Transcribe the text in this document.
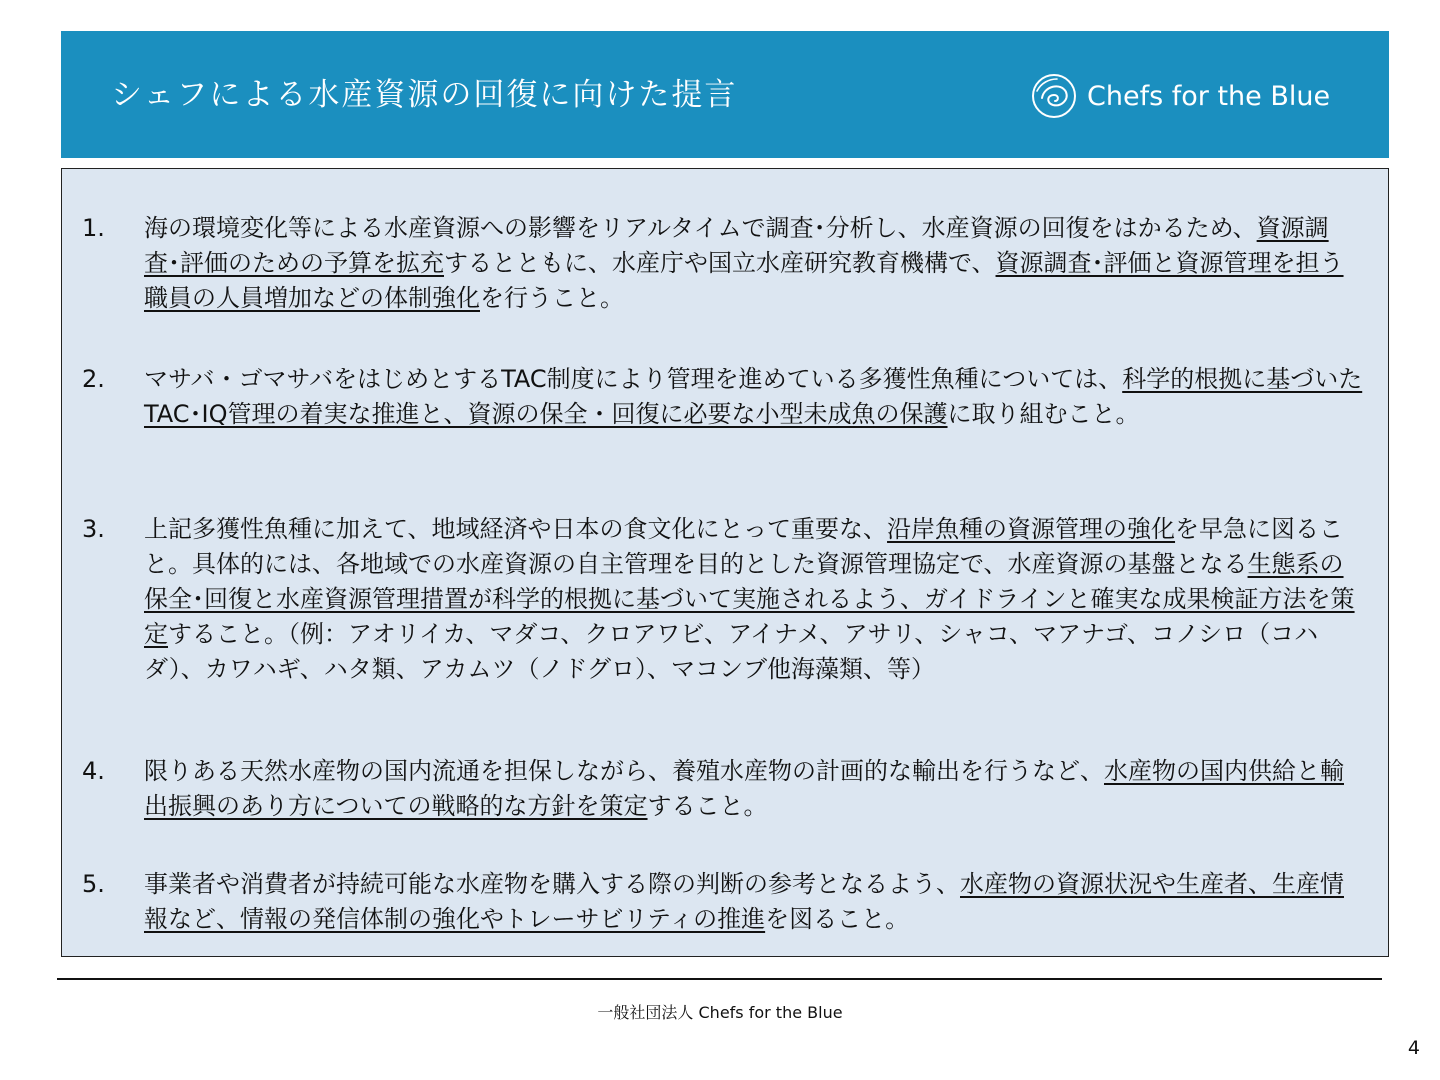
シェフによる水産資源の回復に向けた提言	Chefs for the Blue
1. 海の環境変化等による水産資源への影響をリアルタイムで調査･分析し、水産資源の回復をはかるため、資源調査･評価のための予算を拡充するとともに、水産庁や国立水産研究教育機構で、資源調査･評価と資源管理を担う職員の人員増加などの体制強化を行うこと。
2. マサバ・ゴマサバをはじめとするTAC制度により管理を進めている多獲性魚種については、科学的根拠に基づいたTAC･IQ管理の着実な推進と、資源の保全・回復に必要な小型未成魚の保護に取り組むこと。
3. 上記多獲性魚種に加えて、地域経済や日本の食文化にとって重要な、沿岸魚種の資源管理の強化を早急に図ること。具体的には、各地域での水産資源の自主管理を目的とした資源管理協定で、水産資源の基盤となる生態系の保全･回復と水産資源管理措置が科学的根拠に基づいて実施されるよう、ガイドラインと確実な成果検証方法を策定すること。（例：アオリイカ、マダコ、クロアワビ、アイナメ、アサリ、シャコ、マアナゴ、コノシロ（コハダ）、カワハギ、ハタ類、アカムツ（ノドグロ）、マコンブ他海藻類、等）
4. 限りある天然水産物の国内流通を担保しながら、養殖水産物の計画的な輸出を行うなど、水産物の国内供給と輸出振興のあり方についての戦略的な方針を策定すること。
5. 事業者や消費者が持続可能な水産物を購入する際の判断の参考となるよう、水産物の資源状況や生産者、生産情報など、情報の発信体制の強化やトレーサビリティの推進を図ること。
一般社団法人 Chefs for the Blue
4
